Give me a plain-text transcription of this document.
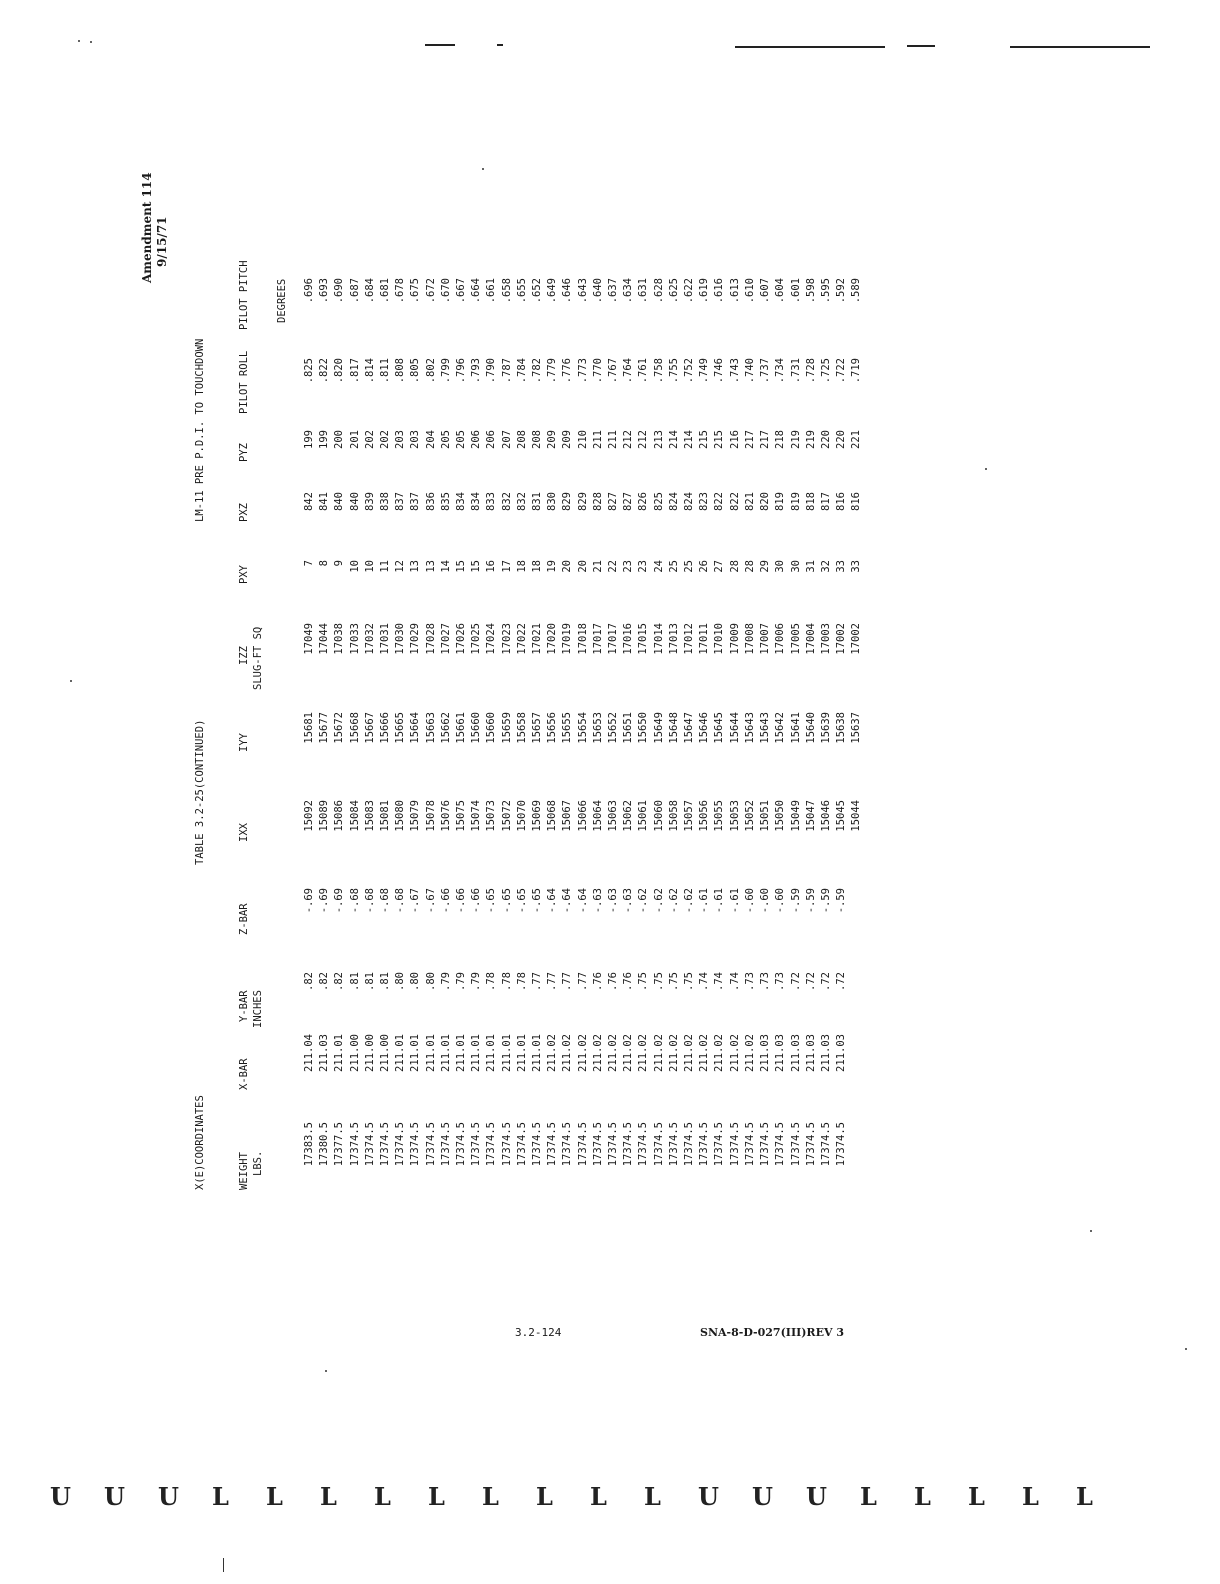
Amendment 114 9/15/71
X(E)COORDINATES
TABLE 3.2-25(CONTINUED)
LM-11 PRE P.D.I. TO TOUCHDOWN
DEGREES
WEIGHT LBS.
X-BAR
Y-BAR INCHES
Z-BAR
IXX
IYY
IZZ SLUG-FT SQ
PXY
PXZ
PYZ
PILOT ROLL
PILOT PITCH
17383.5 17380.5 17377.5 17374.5 17374.5 17374.5 17374.5 17374.5 17374.5 17374.5 17374.5 17374.5 17374.5 17374.5 17374.5 17374.5 17374.5 17374.5 17374.5 17374.5 17374.5 17374.5 17374.5 17374.5 17374.5 17374.5 17374.5 17374.5 17374.5 17374.5 17374.5 17374.5 17374.5 17374.5 17374.5 17374.5
211.04 211.03 211.01 211.00 211.00 211.00 211.01 211.01 211.01 211.01 211.01 211.01 211.01 211.01 211.01 211.01 211.02 211.02 211.02 211.02 211.02 211.02 211.02 211.02 211.02 211.02 211.02 211.02 211.02 211.02 211.03 211.03 211.03 211.03 211.03 211.03
.82 .82 .82 .81 .81 .81 .80 .80 .80 .79 .79 .79 .78 .78 .78 .77 .77 .77 .77 .76 .76 .76 .75 .75 .75 .75 .74 .74 .74 .73 .73 .73 .72 .72 .72 .72
-.69 -.69 -.69 -.68 -.68 -.68 -.68 -.67 -.67 -.66 -.66 -.66 -.65 -.65 -.65 -.65 -.64 -.64 -.64 -.63 -.63 -.63 -.62 -.62 -.62 -.62 -.61 -.61 -.61 -.60 -.60 -.60 -.59 -.59 -.59 -.59
15092 15089 15086 15084 15083 15081 15080 15079 15078 15076 15075 15074 15073 15072 15070 15069 15068 15067 15066 15064 15063 15062 15061 15060 15058 15057 15056 15055 15053 15052 15051 15050 15049 15047 15046 15045 15044
15681 15677 15672 15668 15667 15666 15665 15664 15663 15662 15661 15660 15660 15659 15658 15657 15656 15655 15654 15653 15652 15651 15650 15649 15648 15647 15646 15645 15644 15643 15643 15642 15641 15640 15639 15638 15637
17049 17044 17038 17033 17032 17031 17030 17029 17028 17027 17026 17025 17024 17023 17022 17021 17020 17019 17018 17017 17017 17016 17015 17014 17013 17012 17011 17010 17009 17008 17007 17006 17005 17004 17003 17002 17002
7 8 9 10 10 11 12 13 13 14 15 15 16 17 18 18 19 20 20 21 22 23 23 24 25 25 26 27 28 28 29 30 30 31 32 33 33
842 841 840 840 839 838 837 837 836 835 834 834 833 832 832 831 830 829 829 828 827 827 826 825 824 824 823 822 822 821 820 819 819 818 817 816 816
199 199 200 201 202 202 203 203 204 205 205 206 206 207 208 208 209 209 210 211 211 212 212 213 214 214 215 215 216 217 217 218 219 219 220 220 221
.825 .822 .820 .817 .814 .811 .808 .805 .802 .799 .796 .793 .790 .787 .784 .782 .779 .776 .773 .770 .767 .764 .761 .758 .755 .752 .749 .746 .743 .740 .737 .734 .731 .728 .725 .722 .719
.696 .693 .690 .687 .684 .681 .678 .675 .672 .670 .667 .664 .661 .658 .655 .652 .649 .646 .643 .640 .637 .634 .631 .628 .625 .622 .619 .616 .613 .610 .607 .604 .601 .598 .595 .592 .589
3.2-124	SNA-8-D-027(III)REV 3
U U U L L L L L L L L L U U U L L L L L
